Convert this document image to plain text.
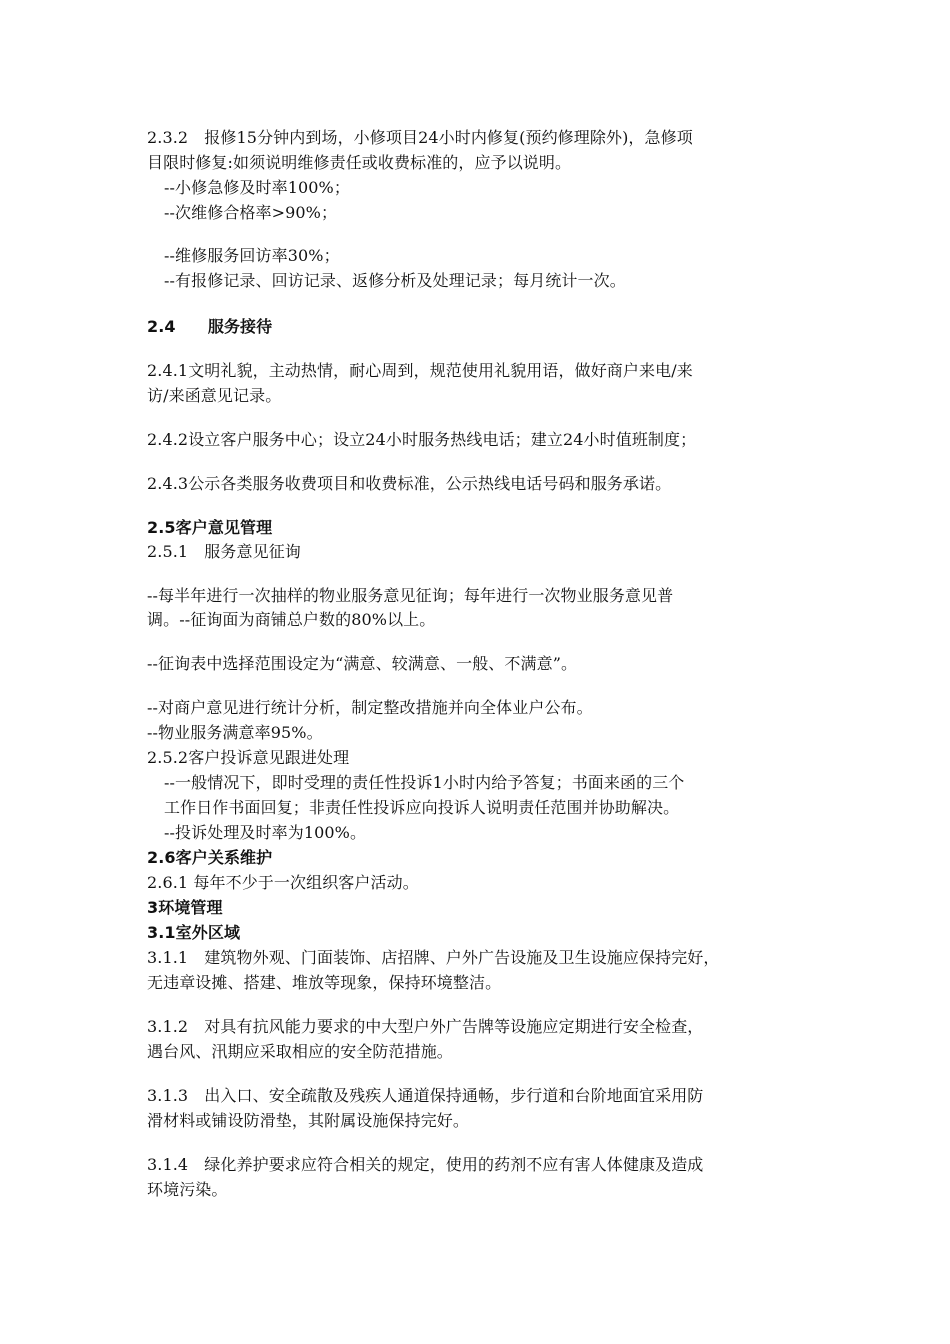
2.3.2　报修15分钟内到场，小修项目24小时内修复(预约修理除外)，急修项
目限时修复:如须说明维修责任或收费标准的，应予以说明。
--小修急修及时率100%；
--次维修合格率>90%；
--维修服务回访率30%；
--有报修记录、回访记录、返修分析及处理记录；每月统计一次。
2.4　　服务接待
2.4.1文明礼貌，主动热情，耐心周到，规范使用礼貌用语，做好商户来电/来
访/来函意见记录。
2.4.2设立客户服务中心；设立24小时服务热线电话；建立24小时值班制度；
2.4.3公示各类服务收费项目和收费标准，公示热线电话号码和服务承诺。
2.5客户意见管理
2.5.1　服务意见征询
--每半年进行一次抽样的物业服务意见征询；每年进行一次物业服务意见普
调。--征询面为商铺总户数的80%以上。
--征询表中选择范围设定为“满意、较满意、一般、不满意”。
--对商户意见进行统计分析，制定整改措施并向全体业户公布。
--物业服务满意率95%。
2.5.2客户投诉意见跟进处理
--一般情况下，即时受理的责任性投诉1小时内给予答复；书面来函的三个
工作日作书面回复；非责任性投诉应向投诉人说明责任范围并协助解决。
--投诉处理及时率为100%。
2.6客户关系维护
2.6.1 每年不少于一次组织客户活动。
3环境管理
3.1室外区域
3.1.1　建筑物外观、门面装饰、店招牌、户外广告设施及卫生设施应保持完好，
无违章设摊、搭建、堆放等现象，保持环境整洁。
3.1.2　对具有抗风能力要求的中大型户外广告牌等设施应定期进行安全检查，
遇台风、汛期应采取相应的安全防范措施。
3.1.3　出入口、安全疏散及残疾人通道保持通畅，步行道和台阶地面宜采用防
滑材料或铺设防滑垫，其附属设施保持完好。
3.1.4　绿化养护要求应符合相关的规定，使用的药剂不应有害人体健康及造成
环境污染。
